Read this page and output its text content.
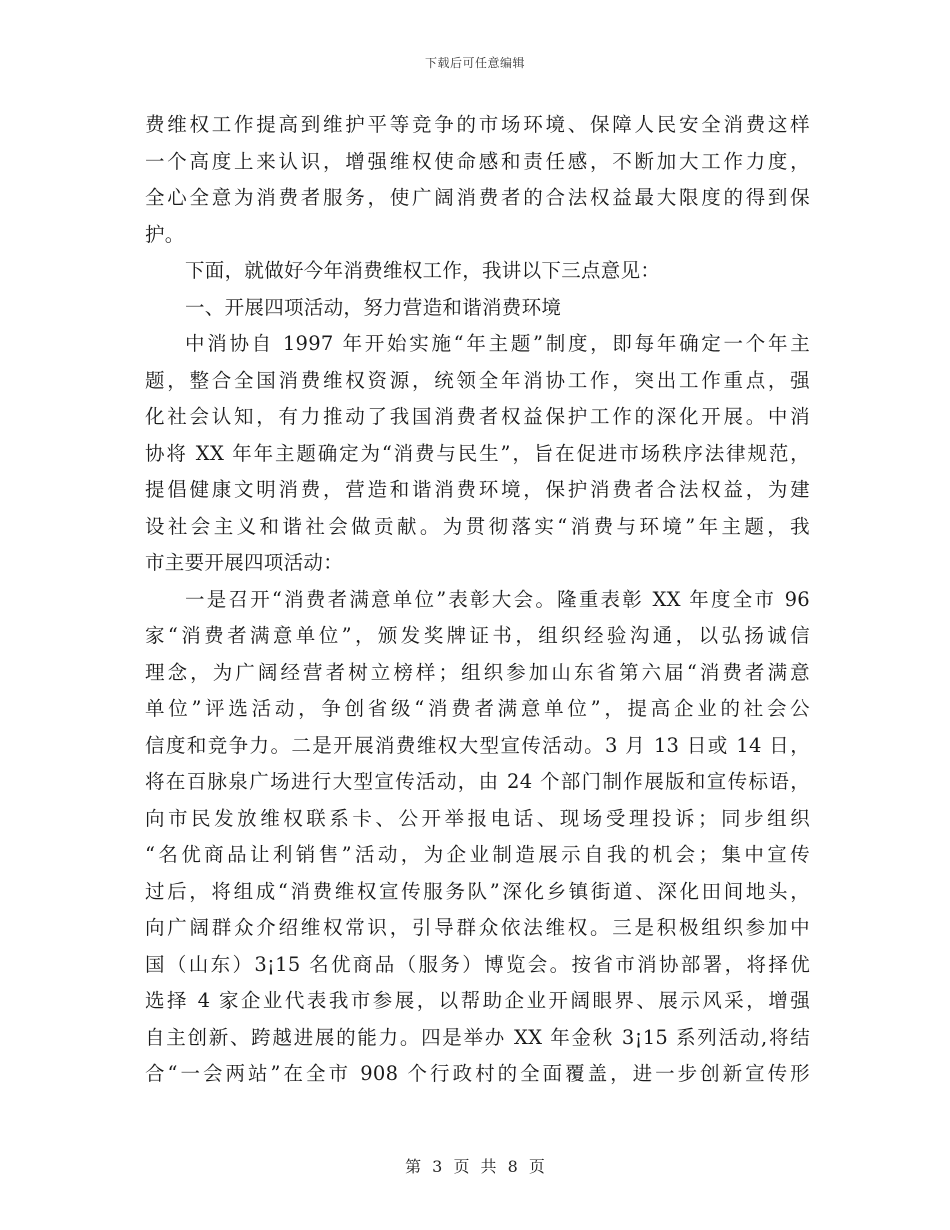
下载后可任意编辑
费维权工作提高到维护平等竞争的市场环境、保障人民安全消费这样
一个高度上来认识，增强维权使命感和责任感，不断加大工作力度，
全心全意为消费者服务，使广阔消费者的合法权益最大限度的得到保
护。
下面，就做好今年消费维权工作，我讲以下三点意见：
一、开展四项活动，努力营造和谐消费环境
中消协自 1997 年开始实施“年主题”制度，即每年确定一个年主
题，整合全国消费维权资源，统领全年消协工作，突出工作重点，强
化社会认知，有力推动了我国消费者权益保护工作的深化开展。中消
协将 XX 年年主题确定为“消费与民生”，旨在促进市场秩序法律规范，
提倡健康文明消费，营造和谐消费环境，保护消费者合法权益，为建
设社会主义和谐社会做贡献。为贯彻落实“消费与环境”年主题，我
市主要开展四项活动：
一是召开“消费者满意单位”表彰大会。隆重表彰 XX 年度全市 96
家“消费者满意单位”，颁发奖牌证书，组织经验沟通，以弘扬诚信
理念，为广阔经营者树立榜样；组织参加山东省第六届“消费者满意
单位”评选活动，争创省级“消费者满意单位”，提高企业的社会公
信度和竞争力。二是开展消费维权大型宣传活动。3 月 13 日或 14 日，
将在百脉泉广场进行大型宣传活动，由 24 个部门制作展版和宣传标语，
向市民发放维权联系卡、公开举报电话、现场受理投诉；同步组织
“名优商品让利销售”活动，为企业制造展示自我的机会；集中宣传
过后，将组成“消费维权宣传服务队”深化乡镇街道、深化田间地头，
向广阔群众介绍维权常识，引导群众依法维权。三是积极组织参加中
国（山东）3¡15 名优商品（服务）博览会。按省市消协部署，将择优
选择 4 家企业代表我市参展，以帮助企业开阔眼界、展示风采，增强
自主创新、跨越进展的能力。四是举办 XX 年金秋 3¡15 系列活动,将结
合“一会两站”在全市 908 个行政村的全面覆盖，进一步创新宣传形
第 3 页 共 8 页
